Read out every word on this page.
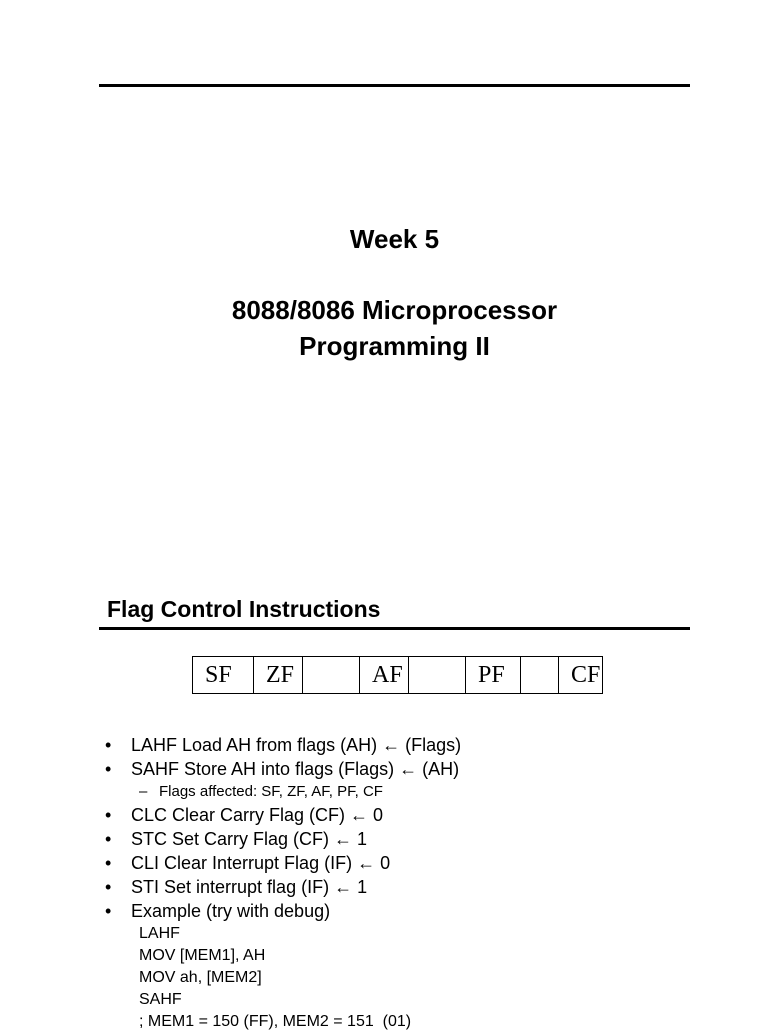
Week 5
8088/8086 Microprocessor
Programming II
Flag Control Instructions
SF	ZF		AF		PF		CF
• LAHF Load AH from flags (AH) ← (Flags)
• SAHF Store AH into flags (Flags) ← (AH)
– Flags affected: SF, ZF, AF, PF, CF
• CLC Clear Carry Flag (CF) ← 0
• STC Set Carry Flag (CF) ← 1
• CLI Clear Interrupt Flag (IF) ← 0
• STI Set interrupt flag (IF) ← 1
• Example (try with debug)
LAHF
MOV [MEM1], AH
MOV ah, [MEM2]
SAHF
; MEM1 = 150 (FF), MEM2 = 151  (01)
